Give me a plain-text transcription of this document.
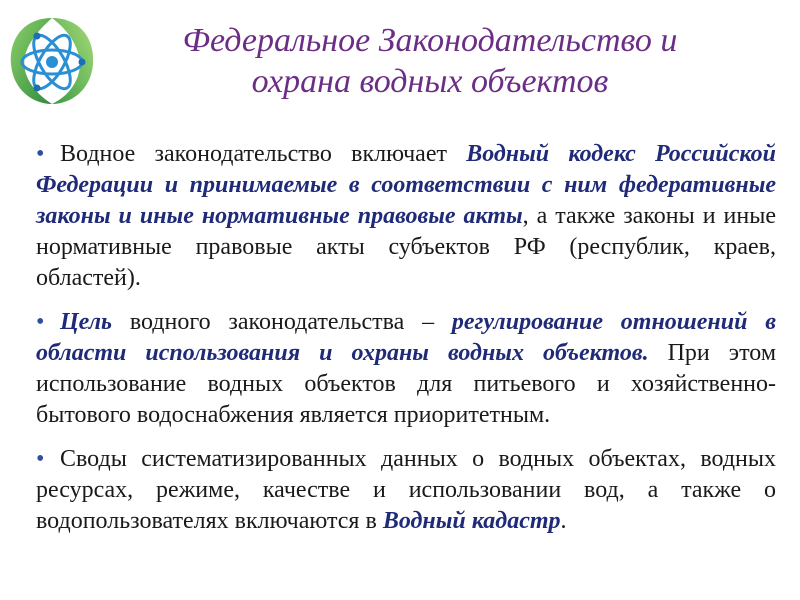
Федеральное Законодательство и
охрана водных объектов
• Водное законодательство включает Водный кодекс Российской Федерации и принимаемые в соответствии с ним федеративные законы и иные нормативные правовые акты, а также законы и иные нормативные правовые акты субъектов РФ (республик, краев, областей).
• Цель водного законодательства – регулирование отношений в области использования и охраны водных объектов. При этом использование водных объектов для питьевого и хозяйственно-бытового водоснабжения является приоритетным.
• Своды систематизированных данных о водных объектах, водных ресурсах, режиме, качестве и использовании вод, а также о водопользователях включаются в Водный кадастр.
